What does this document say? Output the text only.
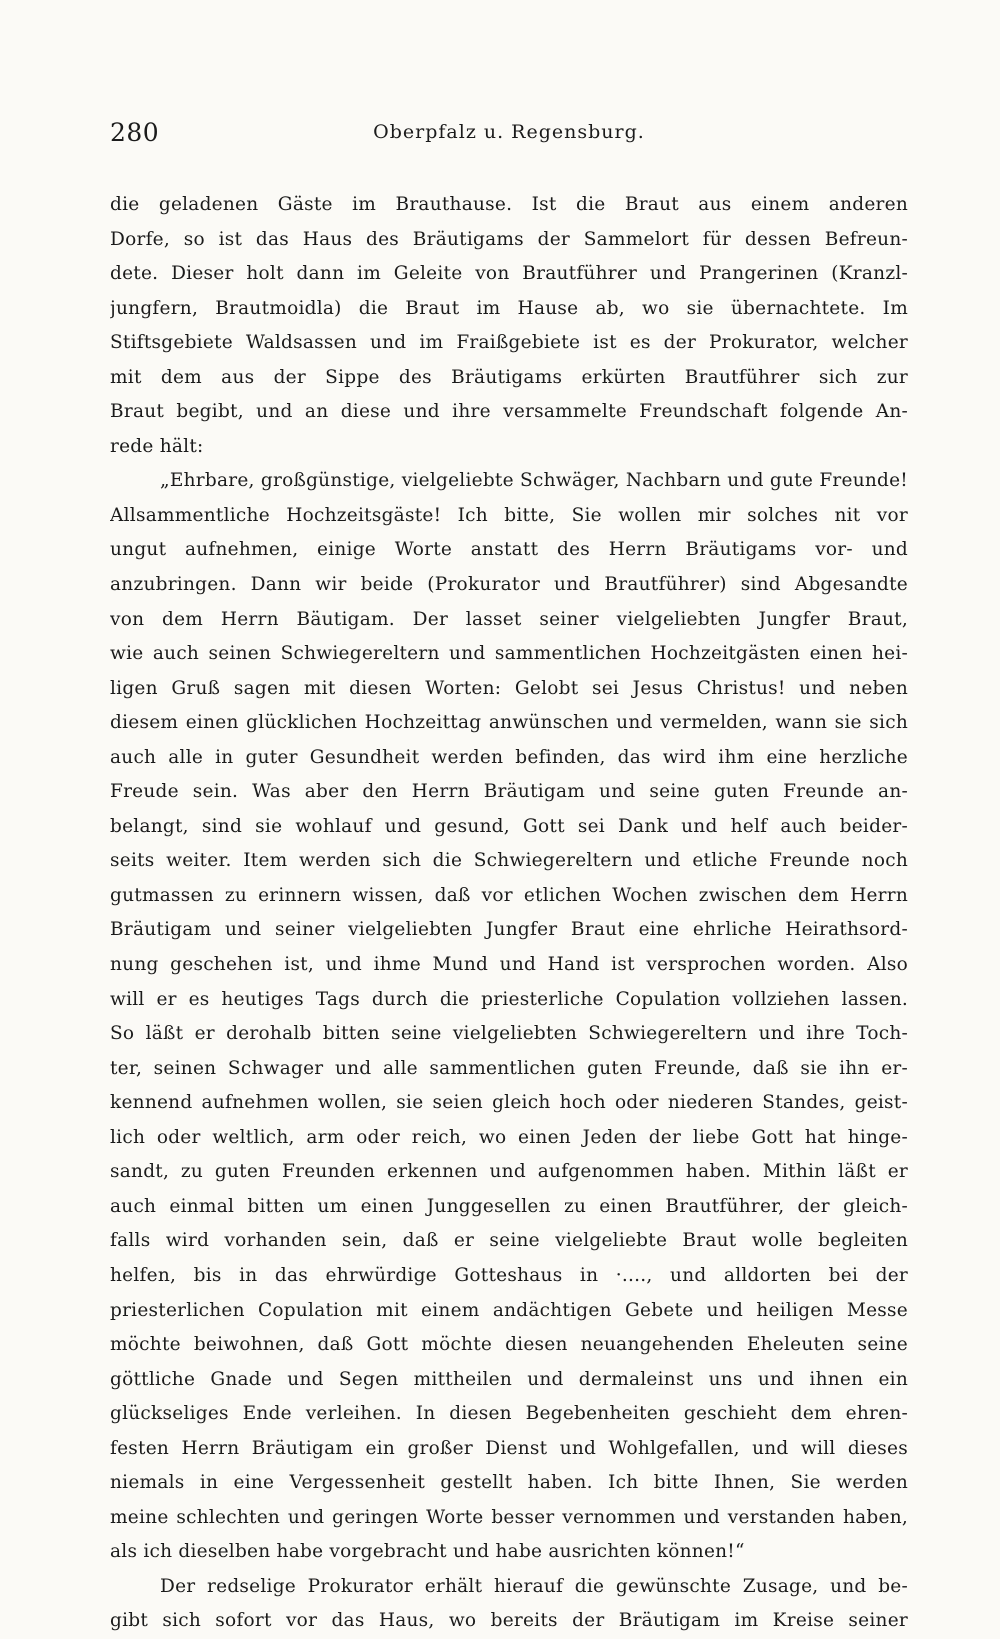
280	Oberpfalz u. Regensburg.
die geladenen Gäste im Brauthause. Ist die Braut aus einem anderen
Dorfe, so ist das Haus des Bräutigams der Sammelort für dessen Befreun-
dete. Dieser holt dann im Geleite von Brautführer und Prangerinen (Kranzl-
jungfern, Brautmoidla) die Braut im Hause ab, wo sie übernachtete. Im
Stiftsgebiete Waldsassen und im Fraißgebiete ist es der Prokurator, welcher
mit dem aus der Sippe des Bräutigams erkürten Brautführer sich zur
Braut begibt, und an diese und ihre versammelte Freundschaft folgende An-
rede hält:
„Ehrbare, großgünstige, vielgeliebte Schwäger, Nachbarn und gute Freunde!
Allsammentliche Hochzeitsgäste! Ich bitte, Sie wollen mir solches nit vor
ungut aufnehmen, einige Worte anstatt des Herrn Bräutigams vor- und
anzubringen. Dann wir beide (Prokurator und Brautführer) sind Abgesandte
von dem Herrn Bäutigam. Der lasset seiner vielgeliebten Jungfer Braut,
wie auch seinen Schwiegereltern und sammentlichen Hochzeitgästen einen hei-
ligen Gruß sagen mit diesen Worten: Gelobt sei Jesus Christus! und neben
diesem einen glücklichen Hochzeittag anwünschen und vermelden, wann sie sich
auch alle in guter Gesundheit werden befinden, das wird ihm eine herzliche
Freude sein. Was aber den Herrn Bräutigam und seine guten Freunde an-
belangt, sind sie wohlauf und gesund, Gott sei Dank und helf auch beider-
seits weiter. Item werden sich die Schwiegereltern und etliche Freunde noch
gutmassen zu erinnern wissen, daß vor etlichen Wochen zwischen dem Herrn
Bräutigam und seiner vielgeliebten Jungfer Braut eine ehrliche Heirathsord-
nung geschehen ist, und ihme Mund und Hand ist versprochen worden. Also
will er es heutiges Tags durch die priesterliche Copulation vollziehen lassen.
So läßt er derohalb bitten seine vielgeliebten Schwiegereltern und ihre Toch-
ter, seinen Schwager und alle sammentlichen guten Freunde, daß sie ihn er-
kennend aufnehmen wollen, sie seien gleich hoch oder niederen Standes, geist-
lich oder weltlich, arm oder reich, wo einen Jeden der liebe Gott hat hinge-
sandt, zu guten Freunden erkennen und aufgenommen haben. Mithin läßt er
auch einmal bitten um einen Junggesellen zu einen Brautführer, der gleich-
falls wird vorhanden sein, daß er seine vielgeliebte Braut wolle begleiten
helfen, bis in das ehrwürdige Gotteshaus in ·...., und alldorten bei der
priesterlichen Copulation mit einem andächtigen Gebete und heiligen Messe
möchte beiwohnen, daß Gott möchte diesen neuangehenden Eheleuten seine
göttliche Gnade und Segen mittheilen und dermaleinst uns und ihnen ein
glückseliges Ende verleihen. In diesen Begebenheiten geschieht dem ehren-
festen Herrn Bräutigam ein großer Dienst und Wohlgefallen, und will dieses
niemals in eine Vergessenheit gestellt haben. Ich bitte Ihnen, Sie werden
meine schlechten und geringen Worte besser vernommen und verstanden haben,
als ich dieselben habe vorgebracht und habe ausrichten können!“
Der redselige Prokurator erhält hierauf die gewünschte Zusage, und be-
gibt sich sofort vor das Haus, wo bereits der Bräutigam im Kreise seiner
